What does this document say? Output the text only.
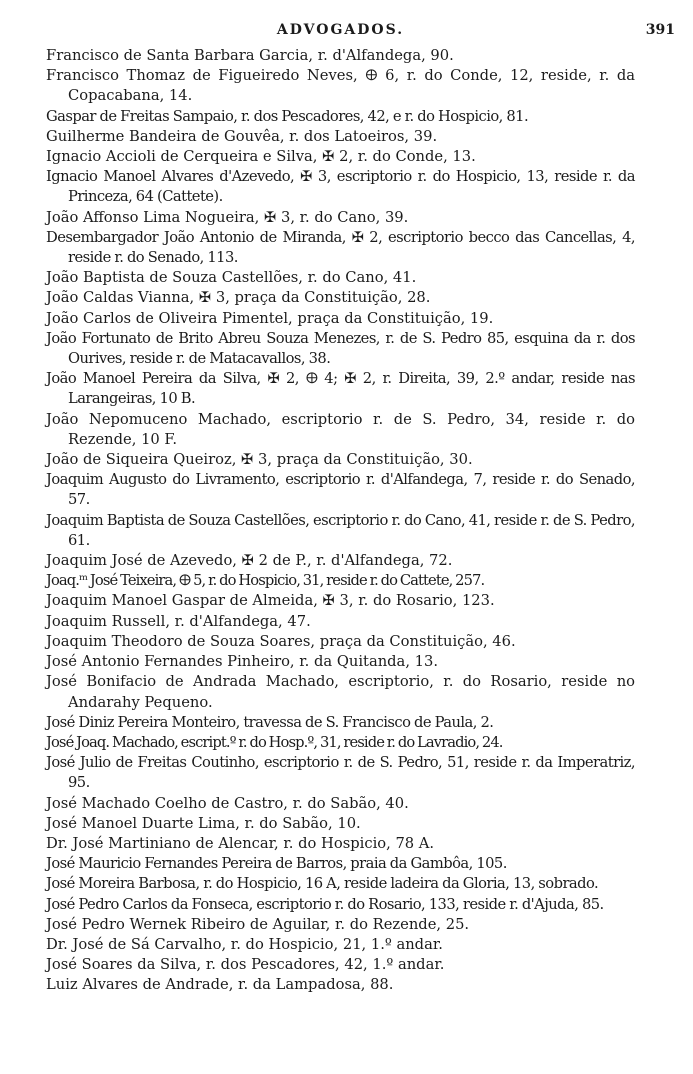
ADVOGADOS.	391
Francisco de Santa Barbara Garcia, r. d'Alfandega, 90.
Francisco Thomaz de Figueiredo Neves, 🜨 6, r. do Conde, 12, reside, r. da Copacabana, 14.
Gaspar de Freitas Sampaio, r. dos Pescadores, 42, e r. do Hospicio, 81.
Guilherme Bandeira de Gouvêa, r. dos Latoeiros, 39.
Ignacio Accioli de Cerqueira e Silva, ✠ 2, r. do Conde, 13.
Ignacio Manoel Alvares d'Azevedo, ✠ 3, escriptorio r. do Hospicio, 13, reside r. da Princeza, 64 (Cattete).
João Affonso Lima Nogueira, ✠ 3, r. do Cano, 39.
Desembargador João Antonio de Miranda, ✠ 2, escriptorio becco das Cancellas, 4, reside r. do Senado, 113.
João Baptista de Souza Castellões, r. do Cano, 41.
João Caldas Vianna, ✠ 3, praça da Constituição, 28.
João Carlos de Oliveira Pimentel, praça da Constituição, 19.
João Fortunato de Brito Abreu Souza Menezes, r. de S. Pedro 85, esquina da r. dos Ourives, reside r. de Matacavallos, 38.
João Manoel Pereira da Silva, ✠ 2, 🜨 4; ✠ 2, r. Direita, 39, 2.º andar, reside nas Larangeiras, 10 B.
João Nepomuceno Machado, escriptorio r. de S. Pedro, 34, reside r. do Rezende, 10 F.
João de Siqueira Queiroz, ✠ 3, praça da Constituição, 30.
Joaquim Augusto do Livramento, escriptorio r. d'Alfandega, 7, reside r. do Senado, 57.
Joaquim Baptista de Souza Castellões, escriptorio r. do Cano, 41, reside r. de S. Pedro, 61.
Joaquim José de Azevedo, ✠ 2 de P., r. d'Alfandega, 72.
Joaq.ᵐ José Teixeira, 🜨 5, r. do Hospicio, 31, reside r. do Cattete, 257.
Joaquim Manoel Gaspar de Almeida, ✠ 3, r. do Rosario, 123.
Joaquim Russell, r. d'Alfandega, 47.
Joaquim Theodoro de Souza Soares, praça da Constituição, 46.
José Antonio Fernandes Pinheiro, r. da Quitanda, 13.
José Bonifacio de Andrada Machado, escriptorio, r. do Rosario, reside no Andarahy Pequeno.
José Diniz Pereira Monteiro, travessa de S. Francisco de Paula, 2.
José Joaq. Machado, escript.º r. do Hosp.º, 31, reside r. do Lavradio, 24.
José Julio de Freitas Coutinho, escriptorio r. de S. Pedro, 51, reside r. da Imperatriz, 95.
José Machado Coelho de Castro, r. do Sabão, 40.
José Manoel Duarte Lima, r. do Sabão, 10.
Dr. José Martiniano de Alencar, r. do Hospicio, 78 A.
José Mauricio Fernandes Pereira de Barros, praia da Gambôa, 105.
José Moreira Barbosa, r. do Hospicio, 16 A, reside ladeira da Gloria, 13, sobrado.
José Pedro Carlos da Fonseca, escriptorio r. do Rosario, 133, reside r. d'Ajuda, 85.
José Pedro Wernek Ribeiro de Aguilar, r. do Rezende, 25.
Dr. José de Sá Carvalho, r. do Hospicio, 21, 1.º andar.
José Soares da Silva, r. dos Pescadores, 42, 1.º andar.
Luiz Alvares de Andrade, r. da Lampadosa, 88.
